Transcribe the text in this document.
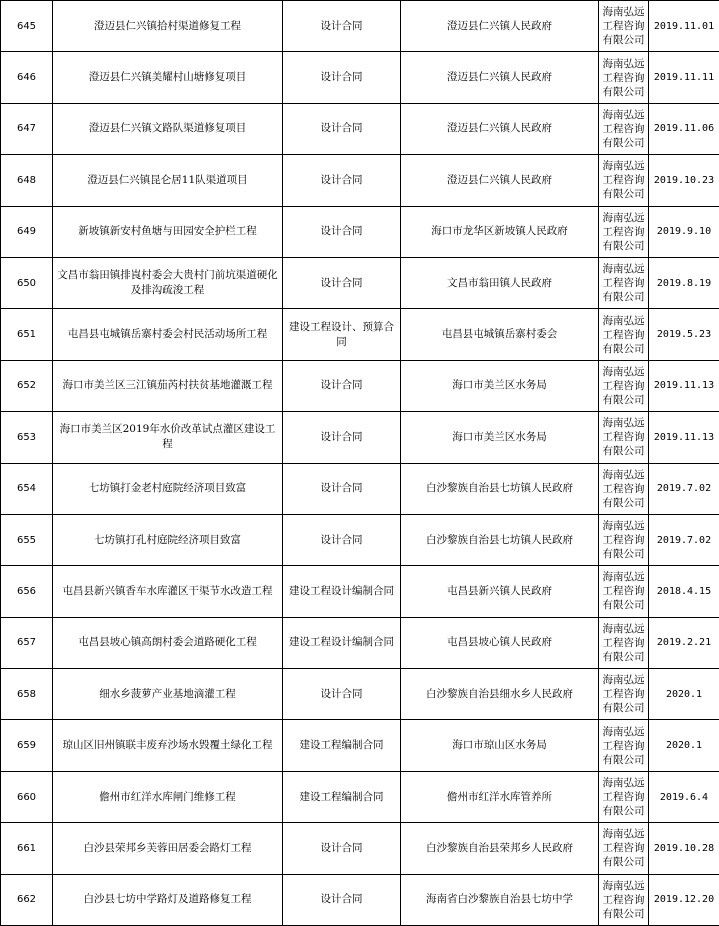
645	澄迈县仁兴镇拾村渠道修复工程	设计合同	澄迈县仁兴镇人民政府	海南弘远工程咨询有限公司	2019.11.01
646	澄迈县仁兴镇美耀村山塘修复项目	设计合同	澄迈县仁兴镇人民政府	海南弘远工程咨询有限公司	2019.11.11
647	澄迈县仁兴镇文路队渠道修复项目	设计合同	澄迈县仁兴镇人民政府	海南弘远工程咨询有限公司	2019.11.06
648	澄迈县仁兴镇昆仑居11队渠道项目	设计合同	澄迈县仁兴镇人民政府	海南弘远工程咨询有限公司	2019.10.23
649	新坡镇新安村鱼塘与田园安全护栏工程	设计合同	海口市龙华区新坡镇人民政府	海南弘远工程咨询有限公司	2019.9.10
650	文昌市翁田镇排崀村委会大贵村门前坑渠道硬化及排沟疏浚工程	设计合同	文昌市翁田镇人民政府	海南弘远工程咨询有限公司	2019.8.19
651	屯昌县屯城镇岳寨村委会村民活动场所工程	建设工程设计、预算合同	屯昌县屯城镇岳寨村委会	海南弘远工程咨询有限公司	2019.5.23
652	海口市美兰区三江镇茄芮村扶贫基地灌溉工程	设计合同	海口市美兰区水务局	海南弘远工程咨询有限公司	2019.11.13
653	海口市美兰区2019年水价改革试点灌区建设工程	设计合同	海口市美兰区水务局	海南弘远工程咨询有限公司	2019.11.13
654	七坊镇打金老村庭院经济项目致富	设计合同	白沙黎族自治县七坊镇人民政府	海南弘远工程咨询有限公司	2019.7.02
655	七坊镇打孔村庭院经济项目致富	设计合同	白沙黎族自治县七坊镇人民政府	海南弘远工程咨询有限公司	2019.7.02
656	屯昌县新兴镇香车水库灌区干渠节水改造工程	建设工程设计编制合同	屯昌县新兴镇人民政府	海南弘远工程咨询有限公司	2018.4.15
657	屯昌县坡心镇高朗村委会道路硬化工程	建设工程设计编制合同	屯昌县坡心镇人民政府	海南弘远工程咨询有限公司	2019.2.21
658	细水乡菠萝产业基地滴灌工程	设计合同	白沙黎族自治县细水乡人民政府	海南弘远工程咨询有限公司	2020.1
659	琼山区旧州镇联丰废弃沙场水毁覆土绿化工程	建设工程编制合同	海口市琼山区水务局	海南弘远工程咨询有限公司	2020.1
660	儋州市红洋水库闸门维修工程	建设工程编制合同	儋州市红洋水库管养所	海南弘远工程咨询有限公司	2019.6.4
661	白沙县荣邦乡芙蓉田居委会路灯工程	设计合同	白沙黎族自治县荣邦乡人民政府	海南弘远工程咨询有限公司	2019.10.28
662	白沙县七坊中学路灯及道路修复工程	设计合同	海南省白沙黎族自治县七坊中学	海南弘远工程咨询有限公司	2019.12.20
